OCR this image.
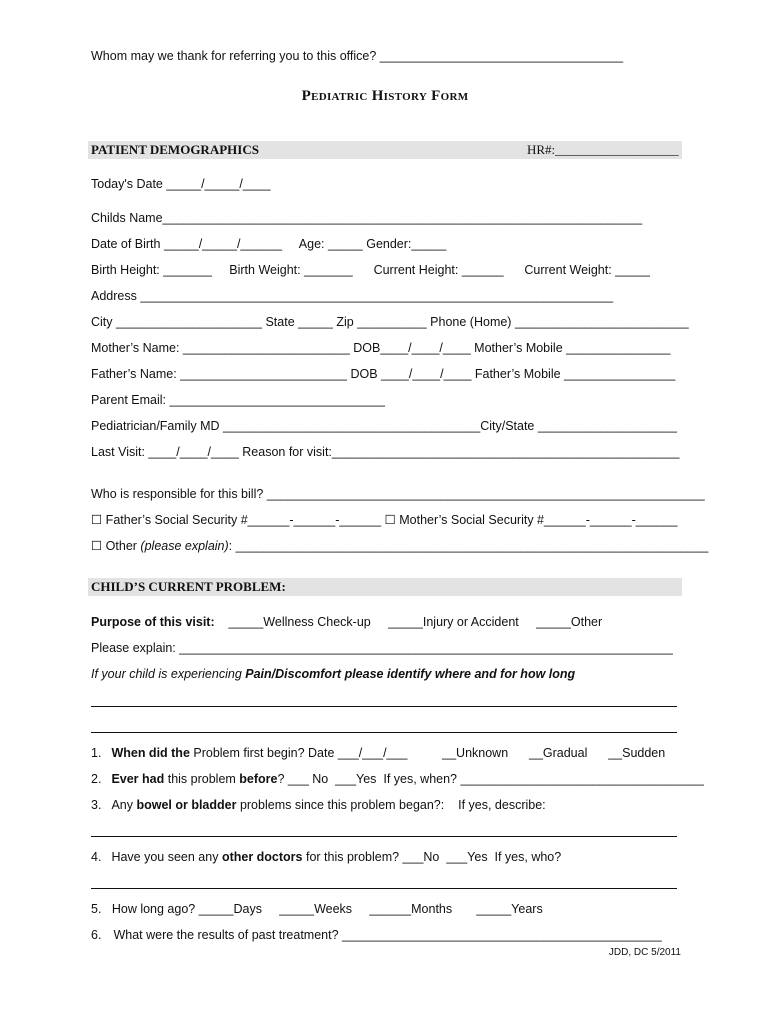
Whom may we thank for referring you to this office? ___________________________________
Pediatric History Form
PATIENT DEMOGRAPHICS	HR#:___________________
Today's Date _____/_____/____
Childs Name_____________________________________________________________________
Date of Birth _____/_____/______     Age: _____ Gender:_____
Birth Height: _______     Birth Weight: _______      Current Height: ______      Current Weight: _____
Address ____________________________________________________________________
City _____________________ State _____ Zip __________ Phone (Home) _________________________
Mother’s Name: ________________________ DOB____/____/____ Mother’s Mobile _______________
Father’s Name: ________________________ DOB ____/____/____ Father’s Mobile ________________
Parent Email: _______________________________
Pediatrician/Family MD _____________________________________City/State ____________________
Last Visit: ____/____/____ Reason for visit:__________________________________________________
Who is responsible for this bill? _______________________________________________________________
☐ Father’s Social Security #______-______-______ ☐ Mother’s Social Security #______-______-______
☐ Other (please explain): ____________________________________________________________________
CHILD’S CURRENT PROBLEM:
Purpose of this visit:    _____Wellness Check-up     _____Injury or Accident     _____Other
Please explain: _______________________________________________________________________
If your child is experiencing Pain/Discomfort please identify where and for how long
1. When did the Problem first begin? Date ___/___/___          __Unknown      __Gradual      __Sudden
2. Ever had this problem before? ___ No  ___Yes  If yes, when? ___________________________________
3. Any bowel or bladder problems since this problem began?:    If yes, describe:
4. Have you seen any other doctors for this problem? ___No  ___Yes  If yes, who?
5.   How long ago? _____Days     _____Weeks     ______Months       _____Years
6. What were the results of past treatment? ______________________________________________
JDD, DC 5/2011
